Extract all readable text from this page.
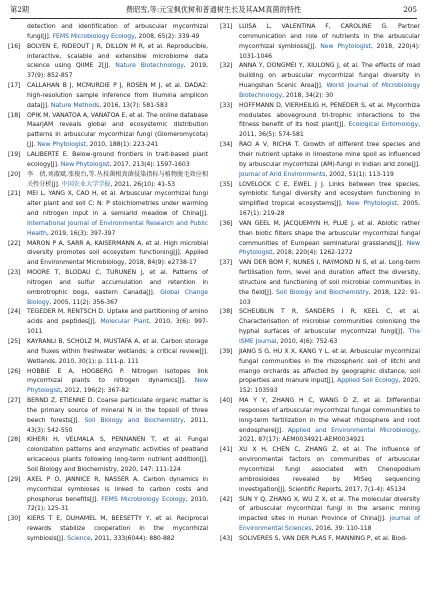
第2期	费昭雪,等:元宝枫优树和普通树生长及其AM真菌的特性	205
detection and identification of arbuscular mycorrhizal fungi[J]. FEMS Microbiology Ecology, 2008, 65(2): 339-49
[16] BOLYEN E, RIDEOUT J R, DILLON M R, et al. Reproducible, interactive, scalable and extensible microbiome data science using QIIME 2[J]. Nature Biotechnology, 2019, 37(9): 852-857
[17] CALLAHAN B J, MCMURDIE P J, ROSEN M J, et al. DADA2: high-resolution sample inference from Illumina amplicon data[J]. Nature Methods, 2016, 13(7): 581-583
[18] OPIK M, VANATOA A, VANATOA E, et al. The online database MaarjAM reveals global and ecosystemic distribution patterns in arbuscular mycorrhizal fungi (Glomeromycota)[J]. New Phytologist, 2010, 188(1): 223-241
[19] LALIBERTE E. Below-ground frontiers in trait-based plant ecology[J]. New Phytologist, 2017, 213(4): 1597-1603
[20] 李　倩,刘淑斌,张俊台,等.丛枝菌根真菌侵染指标与植物脱毛效应相关性分析[J]. 中国农业大学学报, 2021, 26(10): 41-53
[21] MEI L, YANG X, CAO H, et al. Arbuscular mycorrhizal fungi alter plant and soil C: N: P stoichiometries under warming and nitrogen input in a semiarid meadow of China[J]. International Journal of Environmental Research and Public Health, 2019, 16(3): 397-397
[22] MARON P A, SARR A, KAISERMANN A, et al. High microbial diversity promotes soil ecosystem functioning[J]. Applied and Environmental Microbiology, 2018, 84(9): e2738-17
[23] MOORE T, BLODAU C, TURUNEN J, et al. Patterns of nitrogen and sulfur accumulation and retention in ombrotrophic bogs, eastern Canada[J]. Global Change Biology, 2005, 11(2): 356-367
[24] TEGEDER M, RENTSCH D. Uptake and partitioning of amino acids and peptides[J]. Molecular Plant, 2010, 3(6): 997-1011
[25] KAYRANLI B, SCHOLZ M, MUSTAFA A, et al. Carbon storage and fluxes within freshwater wetlands: a critical review[J]. Wetlands, 2010, 30(1): p. 111-p. 111
[26] HOBBIE E A, HOGBERG P. Nitrogen isotopes link mycorrhizal plants to nitrogen dynamics[J]. New Phytologist, 2012, 196(2): 367-82
[27] BERND Z, ETIENNE D. Coarse particulate organic matter is the primary source of mineral N in the topsoil of three beech forests[J]. Soil Biology and Biochemistry, 2011, 43(3): 542-550
[28] KIHERI H, VELMALA S, PENNANEN T, et al. Fungal colonization patterns and enzymatic activities of peatland ericaceous plants following long-term nutrient addition[J]. Soil Biology and Biochemistry, 2020, 147: 111-124
[29] AXEL P O, JANNICE R, NASSER A. Carbon dynamics in mycorrhizal symbioses is linked to carbon costs and phosphorus benefits[J]. FEMS Microbiology Ecology, 2010, 72(1): 125-31
[30] KIERS T E, DUHAMEL M, BEESETTY Y, et al. Reciprocal rewards stabilize cooperation in the mycorrhizal symbiosis[J]. Science, 2011, 333(6044): 880-882
[31] LUISA L, VALENTINA F, CAROLINE G. Partner communication and role of nutrients in the arbuscular mycorrhizal symbiosis[J]. New Phytologist, 2018, 220(4): 1031-1046
[32] ANNA Y, DONGMEI Y, XIULONG J, et al. The effects of road building on arbuscular mycorrhizal fungal diversity in Huangshan Scenic Area[J]. World Journal of Microbiology Biotechnology, 2018, 34(2): 30
[33] HOFFMANN D, VIERHEILIG H, PENEDER S, et al. Mycorrhiza modulates aboveground tri-trophic interactions to the fitness benefit of its host plant[J]. Ecological Entomology, 2011, 36(5): 574-581
[34] RAO A V, RICHA T. Growth of different tree species and their nutrient uptake in limestone mine spoil as influenced by arbuscular mycorrhizal (AM)-fungi in Indian arid zone[J]. Journal of Arid Environments, 2002, 51(1): 113-119
[35] LOVELOCK C E, EWEL J J. Links between tree species, symbiotic fungal diversity and ecosystem functioning in simplified tropical ecosystems[J]. New Phytologist, 2005, 167(1): 219-28
[36] VAN GEEL M, JACQUEMYN H, PLUE J, et al. Abiotic rather than biotic filters shape the arbuscular mycorrhizal fungal communities of European seminatural grasslands[J]. New Phytologist, 2018, 220(4): 1262-1272
[37] VAN DER BOM F, NUNES I, RAYMOND N S, et al. Long-term fertilisation form, level and duration affect the diversity, structure and functioning of soil microbial communities in the field[J]. Soil Biology and Biochemistry, 2018, 122: 91-103
[38] SCHEUBLIN T R, SANDERS I R, KEEL C, et al. Characterisation of microbial communities colonising the hyphal surfaces of arbuscular mycorrhizal fungi[J]. The ISME Journal, 2010, 4(6): 752-63
[39] JIANG S G, HU X X, KANG Y L, et al. Arbuscular mycorrhizal fungal communities in the rhizospheric soil of litchi and mango orchards as affected by geographic distance, soil properties and manure input[J]. Applied Soil Ecology, 2020, 152: 103593
[40] MA Y Y, ZHANG H C, WANG D Z, et al. Differential responses of arbuscular mycorrhizal fungal communities to long-term fertilization in the wheat rhizosphere and root endosphere[J]. Applied and Environmental Microbiology, 2021, 87(17): AEM0034921-AEM0034921
[41] XU X H, CHEN C, ZHANG Z, et al. The influence of environmental factors on communities of arbuscular mycorrhizal fungi associated with Chenopodium ambrosioides revealed by MiSeq sequencing investigation[J]. Scientific Reports, 2017, 7(1-4): 45134
[42] SUN Y Q, ZHANG X, WU Z X, et al. The molecular diversity of arbuscular mycorrhizal fungi in the arsenic mining impacted sites in Hunan Province of China[J]. Journal of Environmental Sciences, 2016, 39: 110-118
[43] SOLIVERES S, VAN DER PLAS F, MANNING P, et al. Biod-
